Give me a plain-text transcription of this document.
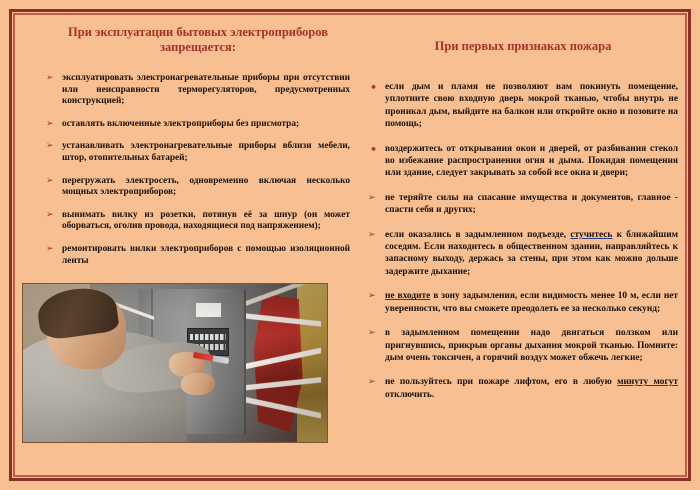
При эксплуатации бытовых электроприборов запрещается:
➢
эксплуатировать электронагревательные приборы при отсутствии или неисправности терморегуляторов, предусмотренных конструкцией;
➢
оставлять включенные электроприборы без присмотра;
➢
устанавливать электронагревательные приборы вблизи мебели, штор, отопительных батарей;
➢
перегружать электросеть, одновременно включая несколько мощных электроприборов;
➢
вынимать вилку из розетки, потянув её за шнур (он может оборваться, оголив провода, находящиеся под напряжением);
➢
ремонтировать вилки электроприборов с помощью изоляционной ленты
При первых признаках пожара
•
если дым и пламя не позволяют вам покинуть помещение, уплотните свою входную дверь мокрой тканью, чтобы внутрь не проникал дым, выйдите на балкон или откройте окно и позовите на помощь;
•
воздержитесь от открывания окон и дверей, от разбивания стекол во избежание распространения огня и дыма. Покидая помещения или здание, следует закрывать за собой все окна и двери;
➢
не теряйте силы на спасание имущества и документов, главное - спасти себя и других;
➢
если оказались в задымленном подъезде, стучитесь к ближайшим соседям. Если находитесь в общественном здании, направляйтесь к запасному выходу, держась за стены, при этом как можно дольше задержите дыхание;
➢
не входите в зону задымления, если видимость менее 10 м, если нет уверенности, что вы сможете преодолеть ее за несколько секунд;
➢
в задымленном помещении надо двигаться ползком или пригнувшись, прикрыв органы дыхания мокрой тканью. Помните: дым очень токсичен, а горячий воздух может обжечь легкие;
➢
не пользуйтесь при пожаре лифтом, его в любую минуту могут отключить.
